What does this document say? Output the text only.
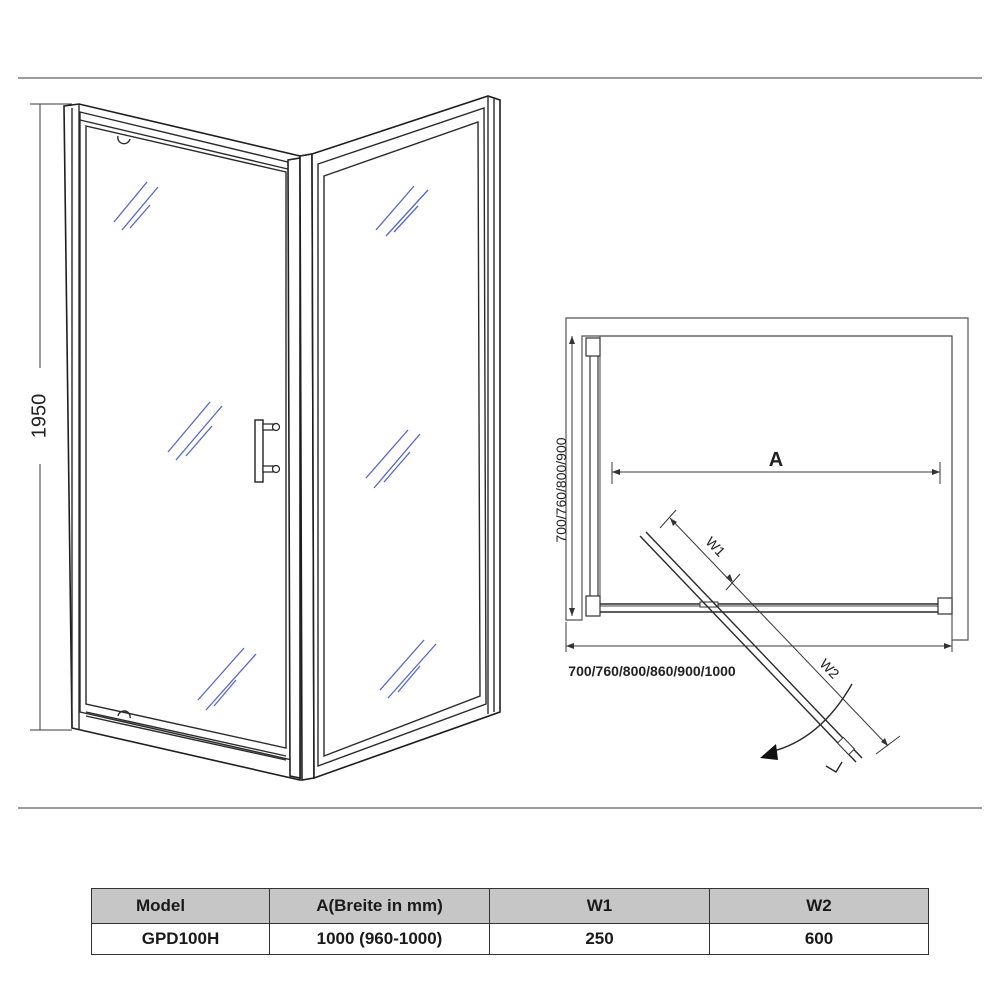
1950
700/760/800/900
700/760/800/860/900/1000
A
W1
W2
Model	A(Breite in mm)	W1	W2
GPD100H	1000 (960-1000)	250	600
